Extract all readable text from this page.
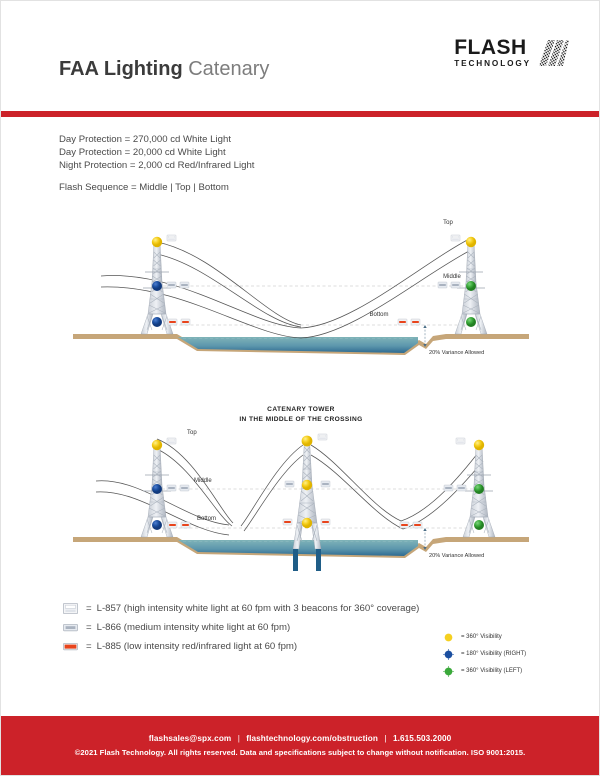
FLASH
TECHNOLOGY
FAA Lighting Catenary
Day Protection = 270,000 cd White Light
Day Protection = 20,000 cd White Light
Night Protection = 2,000 cd Red/Infrared Light
Flash Sequence = Middle | Top | Bottom
Top
Middle
Bottom
20% Variance Allowed
CATENARY TOWER
IN THE MIDDLE OF THE CROSSING
Top
Middle
Bottom
20% Variance Allowed
= L-857 (high intensity white light at 60 fpm with 3 beacons for 360° coverage)
= L-866 (medium intensity white light at 60 fpm)
= L-885 (low intensity red/infrared light at 60 fpm)
= 360° Visibility
= 180° Visibility (RIGHT)
= 360° Visibility (LEFT)
flashsales@spx.com | flashtechnology.com/obstruction | 1.615.503.2000
©2021 Flash Technology. All rights reserved. Data and specifications subject to change without notification. ISO 9001:2015.
